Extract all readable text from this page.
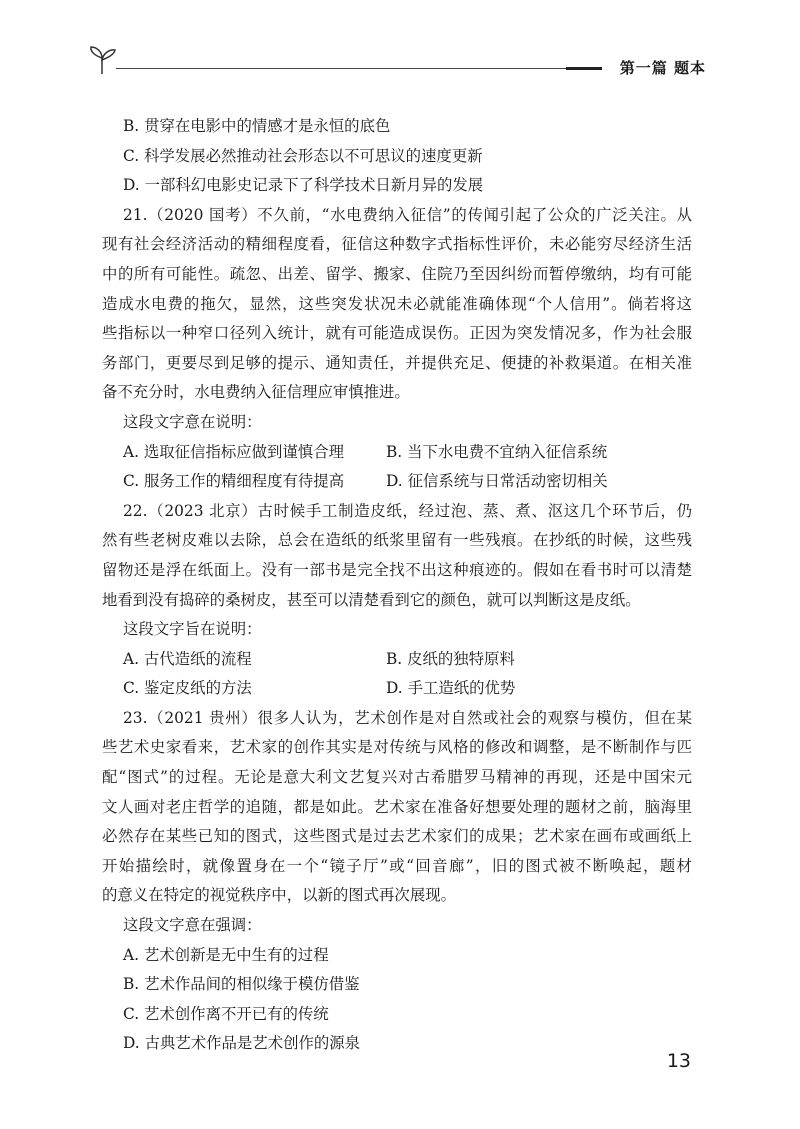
第一篇 题本
B. 贯穿在电影中的情感才是永恒的底色
C. 科学发展必然推动社会形态以不可思议的速度更新
D. 一部科幻电影史记录下了科学技术日新月异的发展
21.（2020 国考）不久前，“水电费纳入征信”的传闻引起了公众的广泛关注。从
现有社会经济活动的精细程度看，征信这种数字式指标性评价，未必能穷尽经济生活
中的所有可能性。疏忽、出差、留学、搬家、住院乃至因纠纷而暂停缴纳，均有可能
造成水电费的拖欠，显然，这些突发状况未必就能准确体现“个人信用”。倘若将这
些指标以一种窄口径列入统计，就有可能造成误伤。正因为突发情况多，作为社会服
务部门，更要尽到足够的提示、通知责任，并提供充足、便捷的补救渠道。在相关准
备不充分时，水电费纳入征信理应审慎推进。
这段文字意在说明：
A. 选取征信指标应做到谨慎合理	B. 当下水电费不宜纳入征信系统
C. 服务工作的精细程度有待提高	D. 征信系统与日常活动密切相关
22.（2023 北京）古时候手工制造皮纸，经过泡、蒸、煮、沤这几个环节后，仍
然有些老树皮难以去除，总会在造纸的纸浆里留有一些残痕。在抄纸的时候，这些残
留物还是浮在纸面上。没有一部书是完全找不出这种痕迹的。假如在看书时可以清楚
地看到没有捣碎的桑树皮，甚至可以清楚看到它的颜色，就可以判断这是皮纸。
这段文字旨在说明：
A. 古代造纸的流程	B. 皮纸的独特原料
C. 鉴定皮纸的方法	D. 手工造纸的优势
23.（2021 贵州）很多人认为，艺术创作是对自然或社会的观察与模仿，但在某
些艺术史家看来，艺术家的创作其实是对传统与风格的修改和调整，是不断制作与匹
配“图式”的过程。无论是意大利文艺复兴对古希腊罗马精神的再现，还是中国宋元
文人画对老庄哲学的追随，都是如此。艺术家在准备好想要处理的题材之前，脑海里
必然存在某些已知的图式，这些图式是过去艺术家们的成果；艺术家在画布或画纸上
开始描绘时，就像置身在一个“镜子厅”或“回音廊”，旧的图式被不断唤起，题材
的意义在特定的视觉秩序中，以新的图式再次展现。
这段文字意在强调：
A. 艺术创新是无中生有的过程
B. 艺术作品间的相似缘于模仿借鉴
C. 艺术创作离不开已有的传统
D. 古典艺术作品是艺术创作的源泉
13
